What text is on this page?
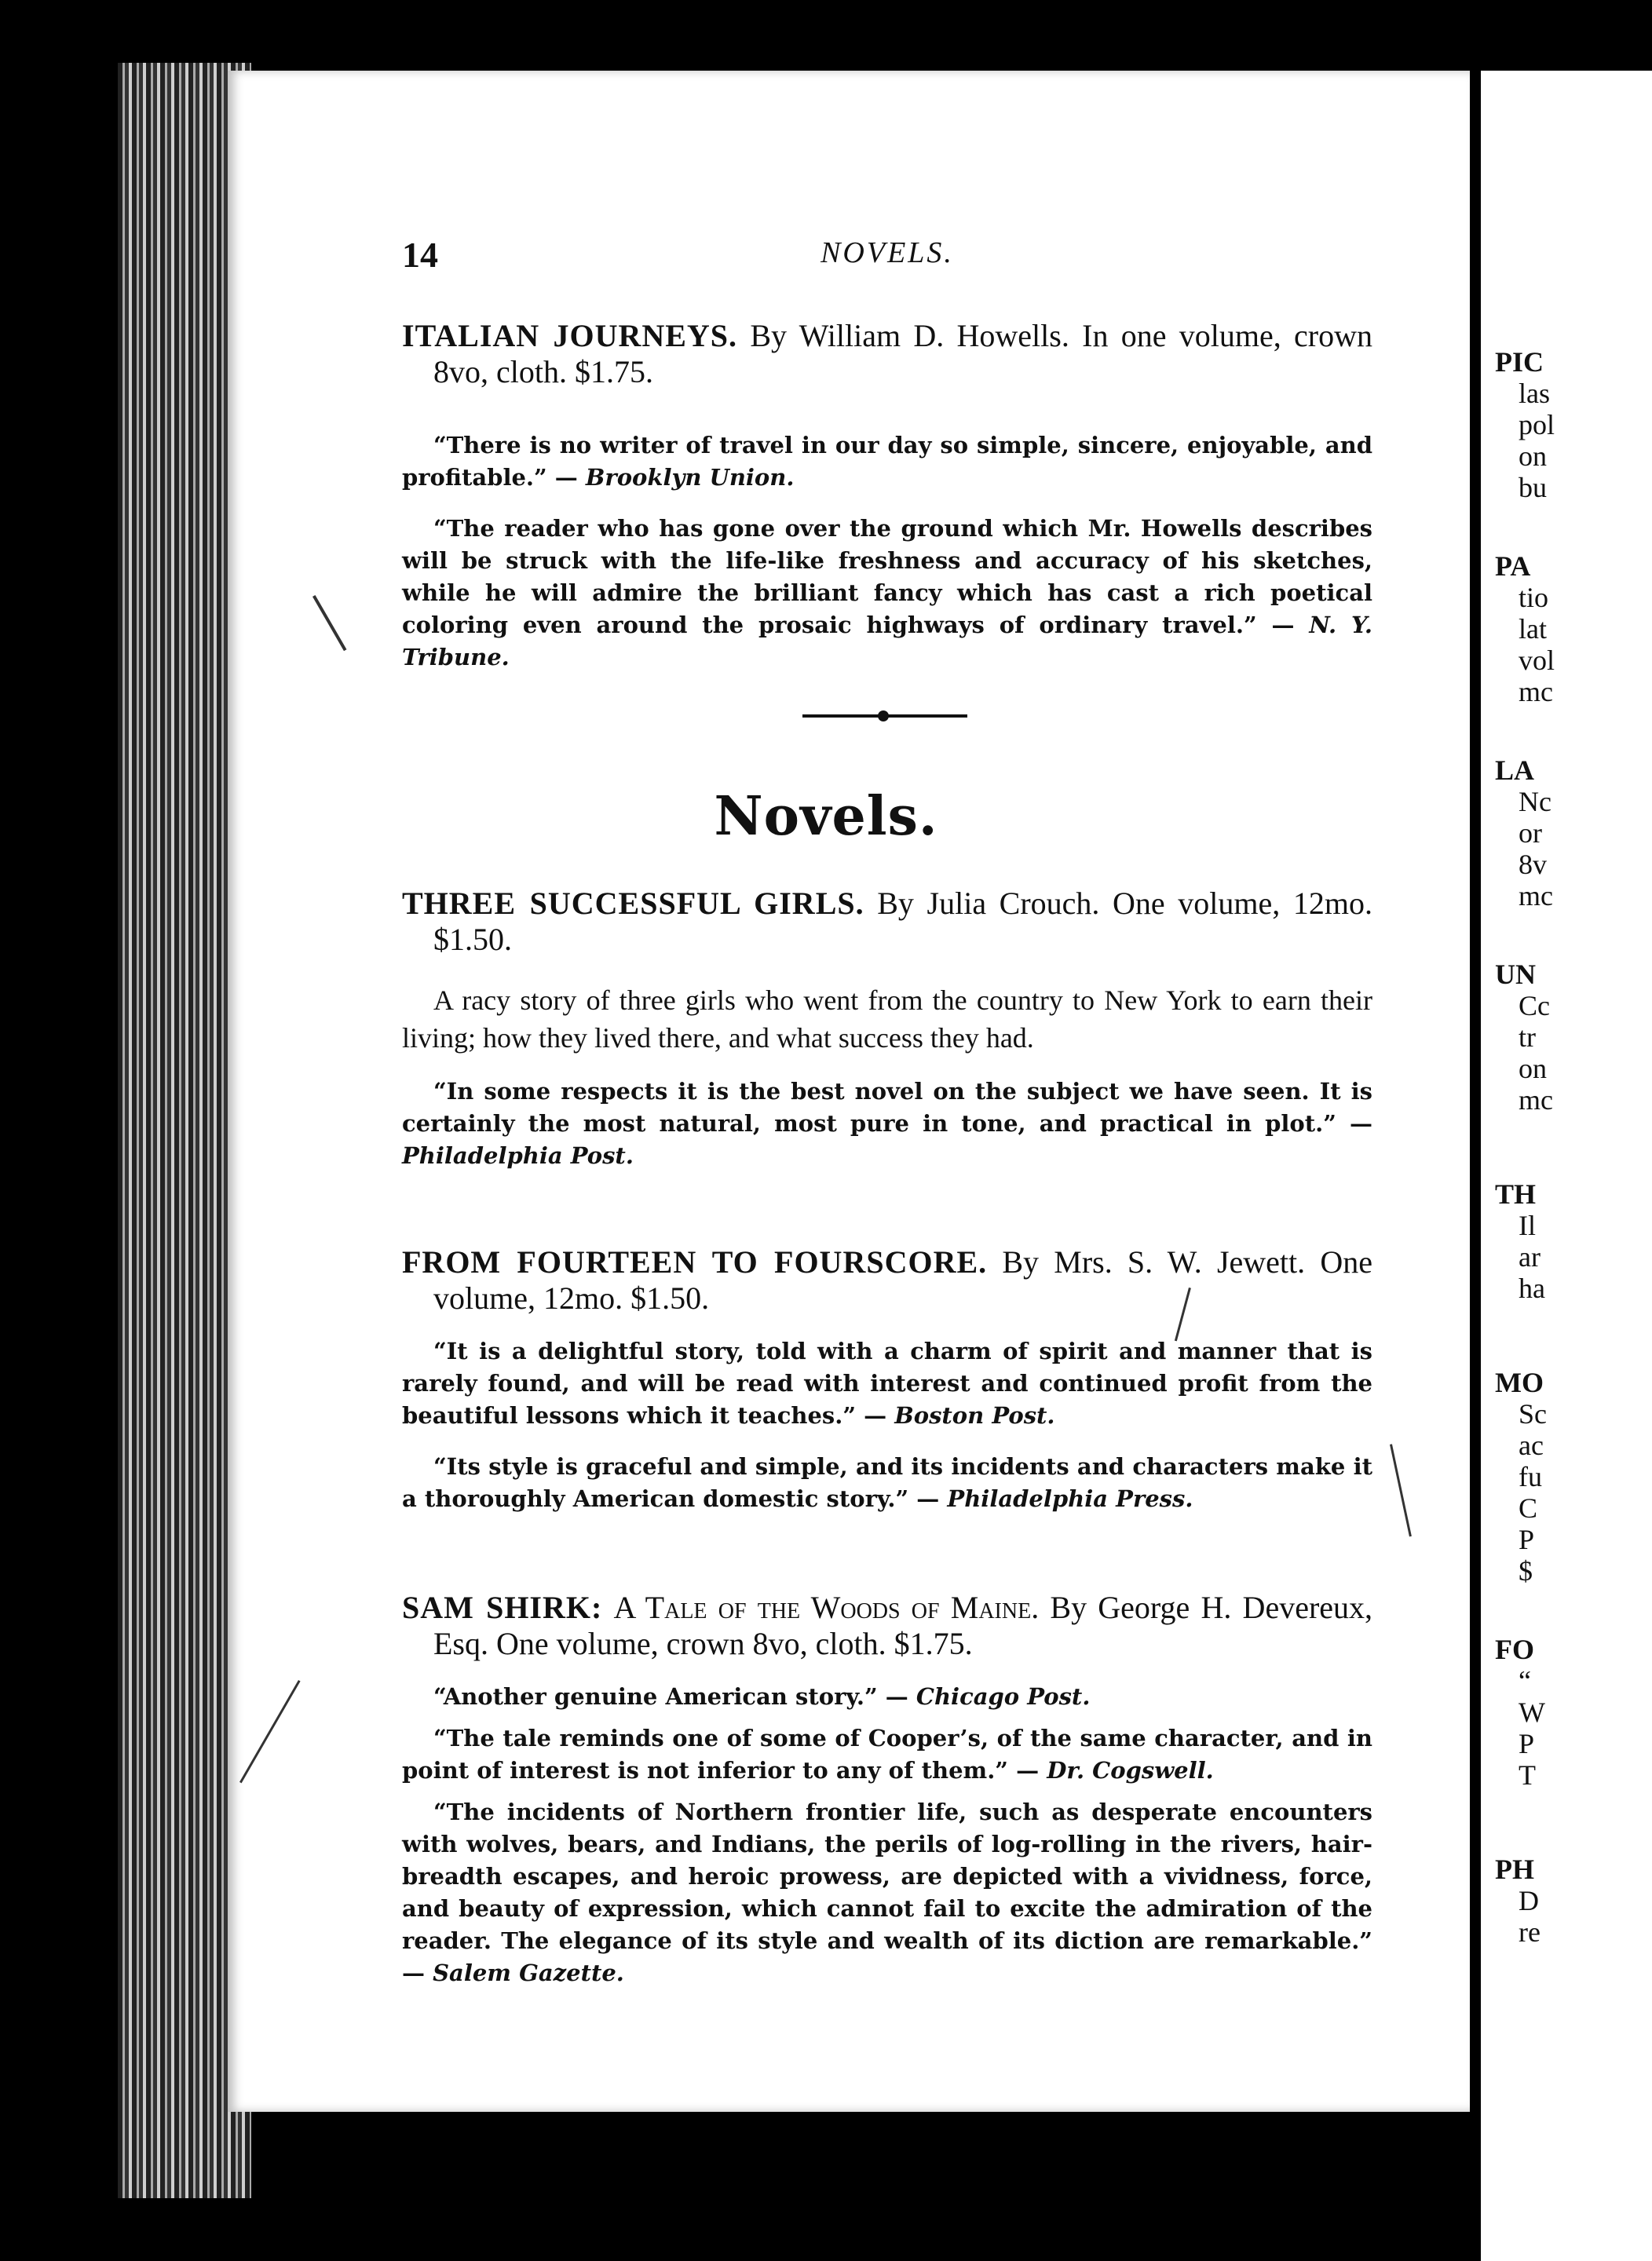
PIC
las
pol
on
bu
PA
tio
lat
vol
mc
LA
Nc
or
8v
mc
UN
Cc
tr
on
mc
TH
Il
ar
ha
MO
Sc
ac
fu
C
P
$
FO
“
W
P
T
PH
D
re
14	NOVELS.
ITALIAN JOURNEYS. By William D. Howells. In one volume, crown 8vo, cloth. $1.75.
“There is no writer of travel in our day so simple, sincere, enjoyable, and profitable.” — Brooklyn Union.
“The reader who has gone over the ground which Mr. Howells describes will be struck with the life-like freshness and accuracy of his sketches, while he will admire the brilliant fancy which has cast a rich poetical coloring even around the prosaic highways of ordinary travel.” — N. Y. Tribune.
Novels.
THREE SUCCESSFUL GIRLS. By Julia Crouch. One volume, 12mo. $1.50.
A racy story of three girls who went from the country to New York to earn their living; how they lived there, and what success they had.
“In some respects it is the best novel on the subject we have seen. It is certainly the most natural, most pure in tone, and practical in plot.” — Philadelphia Post.
FROM FOURTEEN TO FOURSCORE. By Mrs. S. W. Jewett. One volume, 12mo. $1.50.
“It is a delightful story, told with a charm of spirit and manner that is rarely found, and will be read with interest and continued profit from the beautiful lessons which it teaches.” — Boston Post.
“Its style is graceful and simple, and its incidents and characters make it a thoroughly American domestic story.” — Philadelphia Press.
SAM SHIRK: A Tale of the Woods of Maine. By George H. Devereux, Esq. One volume, crown 8vo, cloth. $1.75.
“Another genuine American story.” — Chicago Post.
“The tale reminds one of some of Cooper’s, of the same character, and in point of interest is not inferior to any of them.” — Dr. Cogswell.
“The incidents of Northern frontier life, such as desperate encounters with wolves, bears, and Indians, the perils of log-rolling in the rivers, hair-breadth escapes, and heroic prowess, are depicted with a vividness, force, and beauty of expression, which cannot fail to excite the admiration of the reader. The elegance of its style and wealth of its diction are remarkable.” — Salem Gazette.
